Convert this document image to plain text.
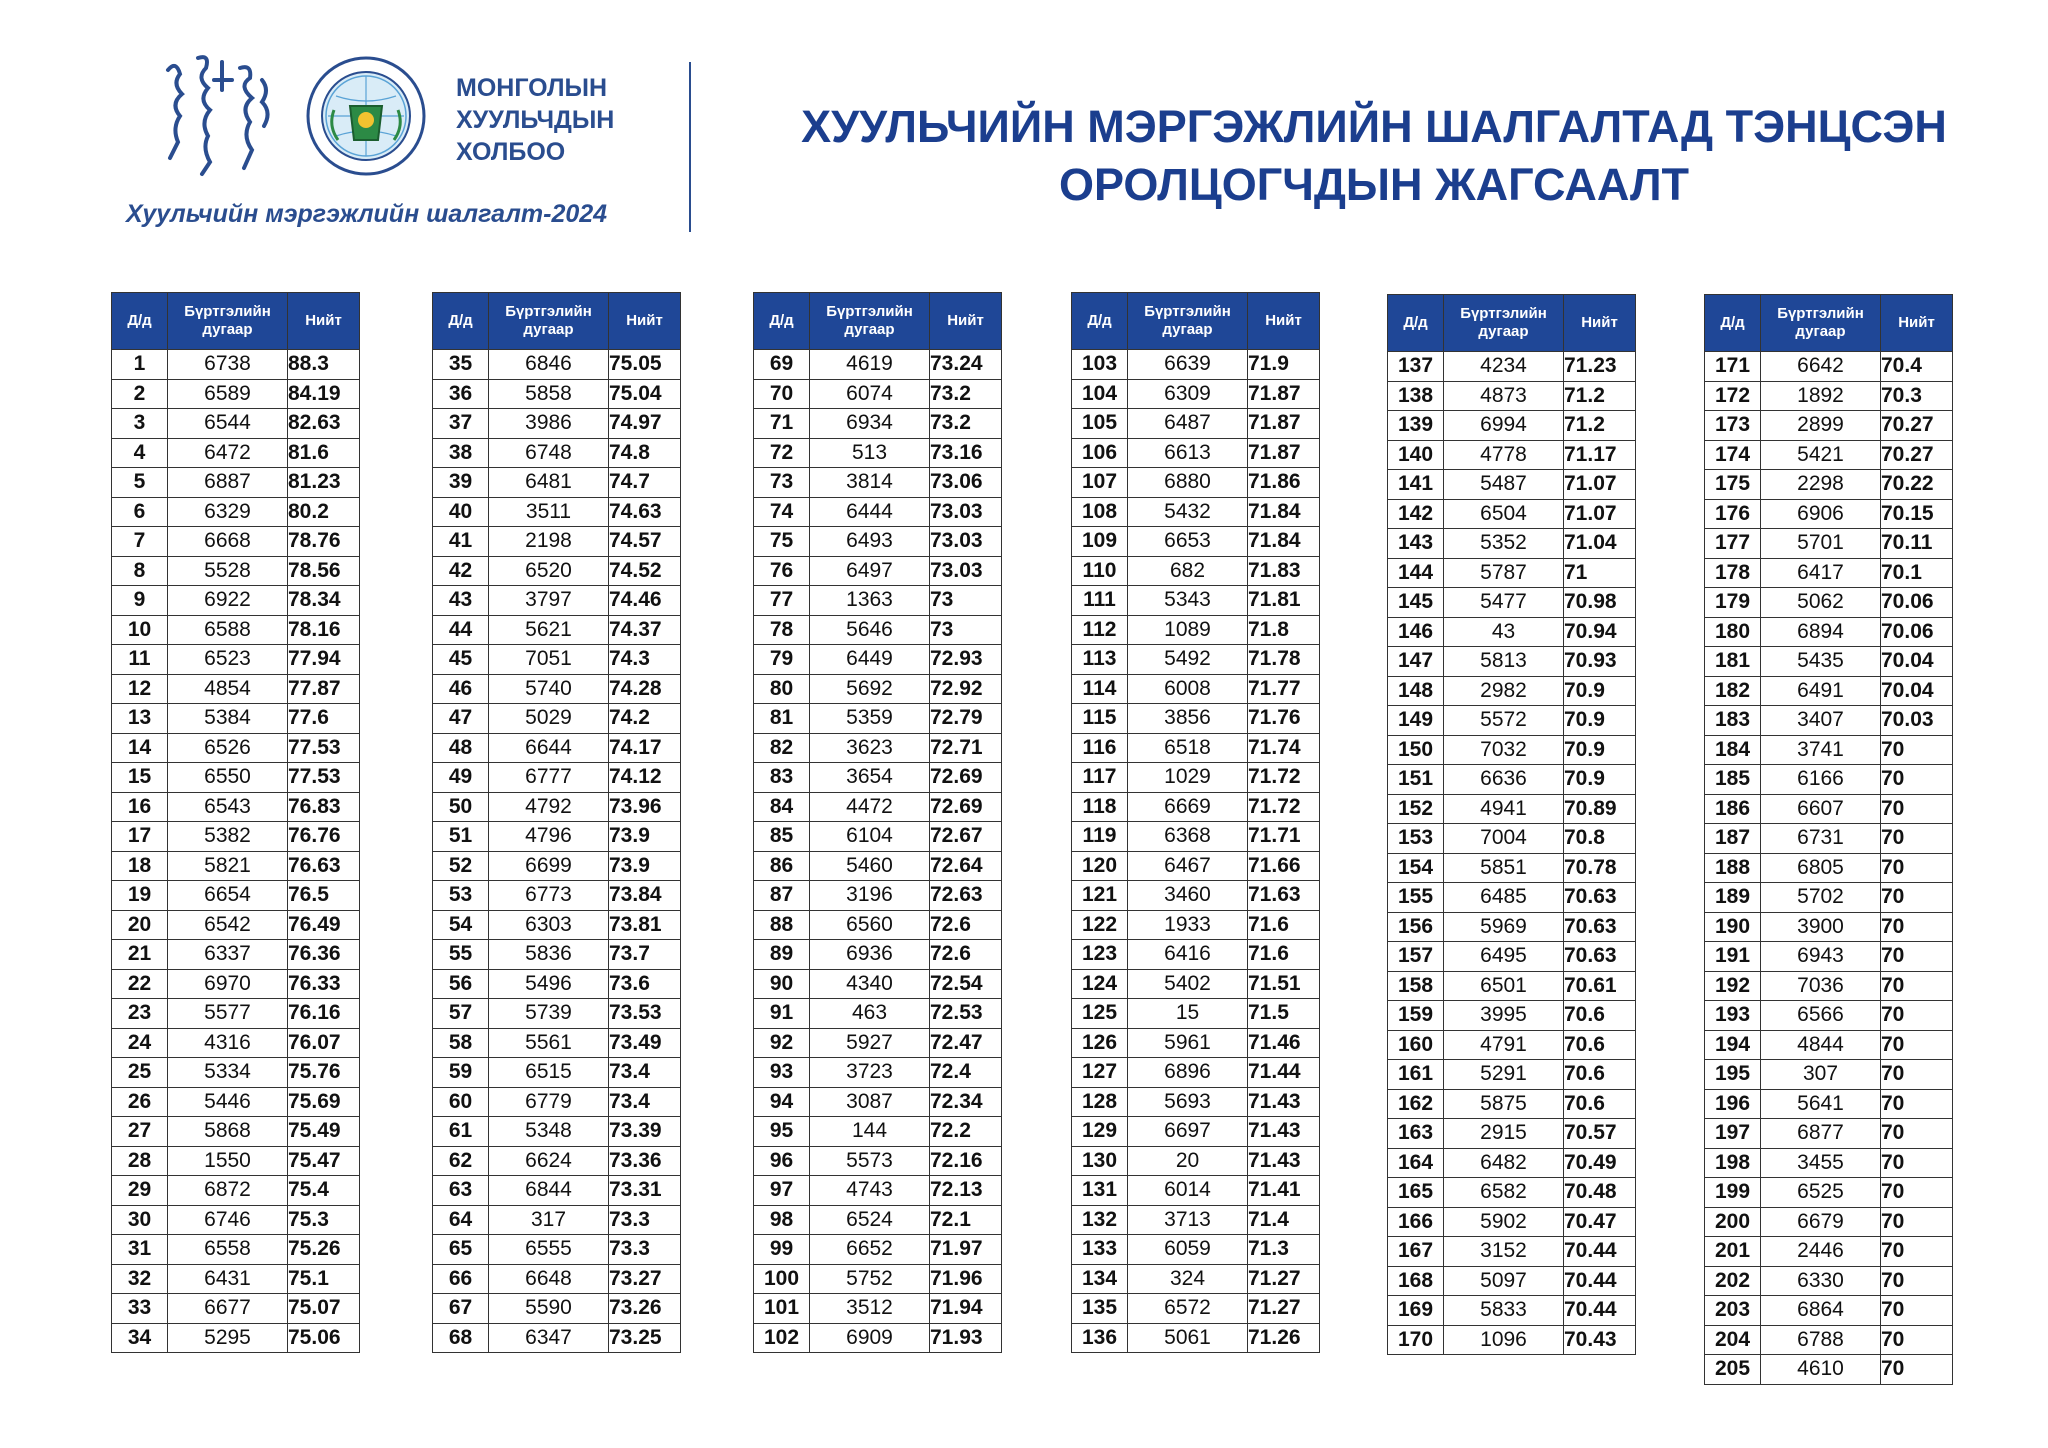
МОНГОЛЫН
ХУУЛЬЧДЫН
ХОЛБОО
Хуульчийн мэргэжлийн шалгалт-2024
ХУУЛЬЧИЙН МЭРГЭЖЛИЙН ШАЛГАЛТАД ТЭНЦСЭН
ОРОЛЦОГЧДЫН ЖАГСААЛТ
Д/д	Бүртгэлийн дугаар	Нийт
1	6738	88.3
2	6589	84.19
3	6544	82.63
4	6472	81.6
5	6887	81.23
6	6329	80.2
7	6668	78.76
8	5528	78.56
9	6922	78.34
10	6588	78.16
11	6523	77.94
12	4854	77.87
13	5384	77.6
14	6526	77.53
15	6550	77.53
16	6543	76.83
17	5382	76.76
18	5821	76.63
19	6654	76.5
20	6542	76.49
21	6337	76.36
22	6970	76.33
23	5577	76.16
24	4316	76.07
25	5334	75.76
26	5446	75.69
27	5868	75.49
28	1550	75.47
29	6872	75.4
30	6746	75.3
31	6558	75.26
32	6431	75.1
33	6677	75.07
34	5295	75.06
Д/д	Бүртгэлийн дугаар	Нийт
35	6846	75.05
36	5858	75.04
37	3986	74.97
38	6748	74.8
39	6481	74.7
40	3511	74.63
41	2198	74.57
42	6520	74.52
43	3797	74.46
44	5621	74.37
45	7051	74.3
46	5740	74.28
47	5029	74.2
48	6644	74.17
49	6777	74.12
50	4792	73.96
51	4796	73.9
52	6699	73.9
53	6773	73.84
54	6303	73.81
55	5836	73.7
56	5496	73.6
57	5739	73.53
58	5561	73.49
59	6515	73.4
60	6779	73.4
61	5348	73.39
62	6624	73.36
63	6844	73.31
64	317	73.3
65	6555	73.3
66	6648	73.27
67	5590	73.26
68	6347	73.25
Д/д	Бүртгэлийн дугаар	Нийт
69	4619	73.24
70	6074	73.2
71	6934	73.2
72	513	73.16
73	3814	73.06
74	6444	73.03
75	6493	73.03
76	6497	73.03
77	1363	73
78	5646	73
79	6449	72.93
80	5692	72.92
81	5359	72.79
82	3623	72.71
83	3654	72.69
84	4472	72.69
85	6104	72.67
86	5460	72.64
87	3196	72.63
88	6560	72.6
89	6936	72.6
90	4340	72.54
91	463	72.53
92	5927	72.47
93	3723	72.4
94	3087	72.34
95	144	72.2
96	5573	72.16
97	4743	72.13
98	6524	72.1
99	6652	71.97
100	5752	71.96
101	3512	71.94
102	6909	71.93
Д/д	Бүртгэлийн дугаар	Нийт
103	6639	71.9
104	6309	71.87
105	6487	71.87
106	6613	71.87
107	6880	71.86
108	5432	71.84
109	6653	71.84
110	682	71.83
111	5343	71.81
112	1089	71.8
113	5492	71.78
114	6008	71.77
115	3856	71.76
116	6518	71.74
117	1029	71.72
118	6669	71.72
119	6368	71.71
120	6467	71.66
121	3460	71.63
122	1933	71.6
123	6416	71.6
124	5402	71.51
125	15	71.5
126	5961	71.46
127	6896	71.44
128	5693	71.43
129	6697	71.43
130	20	71.43
131	6014	71.41
132	3713	71.4
133	6059	71.3
134	324	71.27
135	6572	71.27
136	5061	71.26
Д/д	Бүртгэлийн дугаар	Нийт
137	4234	71.23
138	4873	71.2
139	6994	71.2
140	4778	71.17
141	5487	71.07
142	6504	71.07
143	5352	71.04
144	5787	71
145	5477	70.98
146	43	70.94
147	5813	70.93
148	2982	70.9
149	5572	70.9
150	7032	70.9
151	6636	70.9
152	4941	70.89
153	7004	70.8
154	5851	70.78
155	6485	70.63
156	5969	70.63
157	6495	70.63
158	6501	70.61
159	3995	70.6
160	4791	70.6
161	5291	70.6
162	5875	70.6
163	2915	70.57
164	6482	70.49
165	6582	70.48
166	5902	70.47
167	3152	70.44
168	5097	70.44
169	5833	70.44
170	1096	70.43
Д/д	Бүртгэлийн дугаар	Нийт
171	6642	70.4
172	1892	70.3
173	2899	70.27
174	5421	70.27
175	2298	70.22
176	6906	70.15
177	5701	70.11
178	6417	70.1
179	5062	70.06
180	6894	70.06
181	5435	70.04
182	6491	70.04
183	3407	70.03
184	3741	70
185	6166	70
186	6607	70
187	6731	70
188	6805	70
189	5702	70
190	3900	70
191	6943	70
192	7036	70
193	6566	70
194	4844	70
195	307	70
196	5641	70
197	6877	70
198	3455	70
199	6525	70
200	6679	70
201	2446	70
202	6330	70
203	6864	70
204	6788	70
205	4610	70
